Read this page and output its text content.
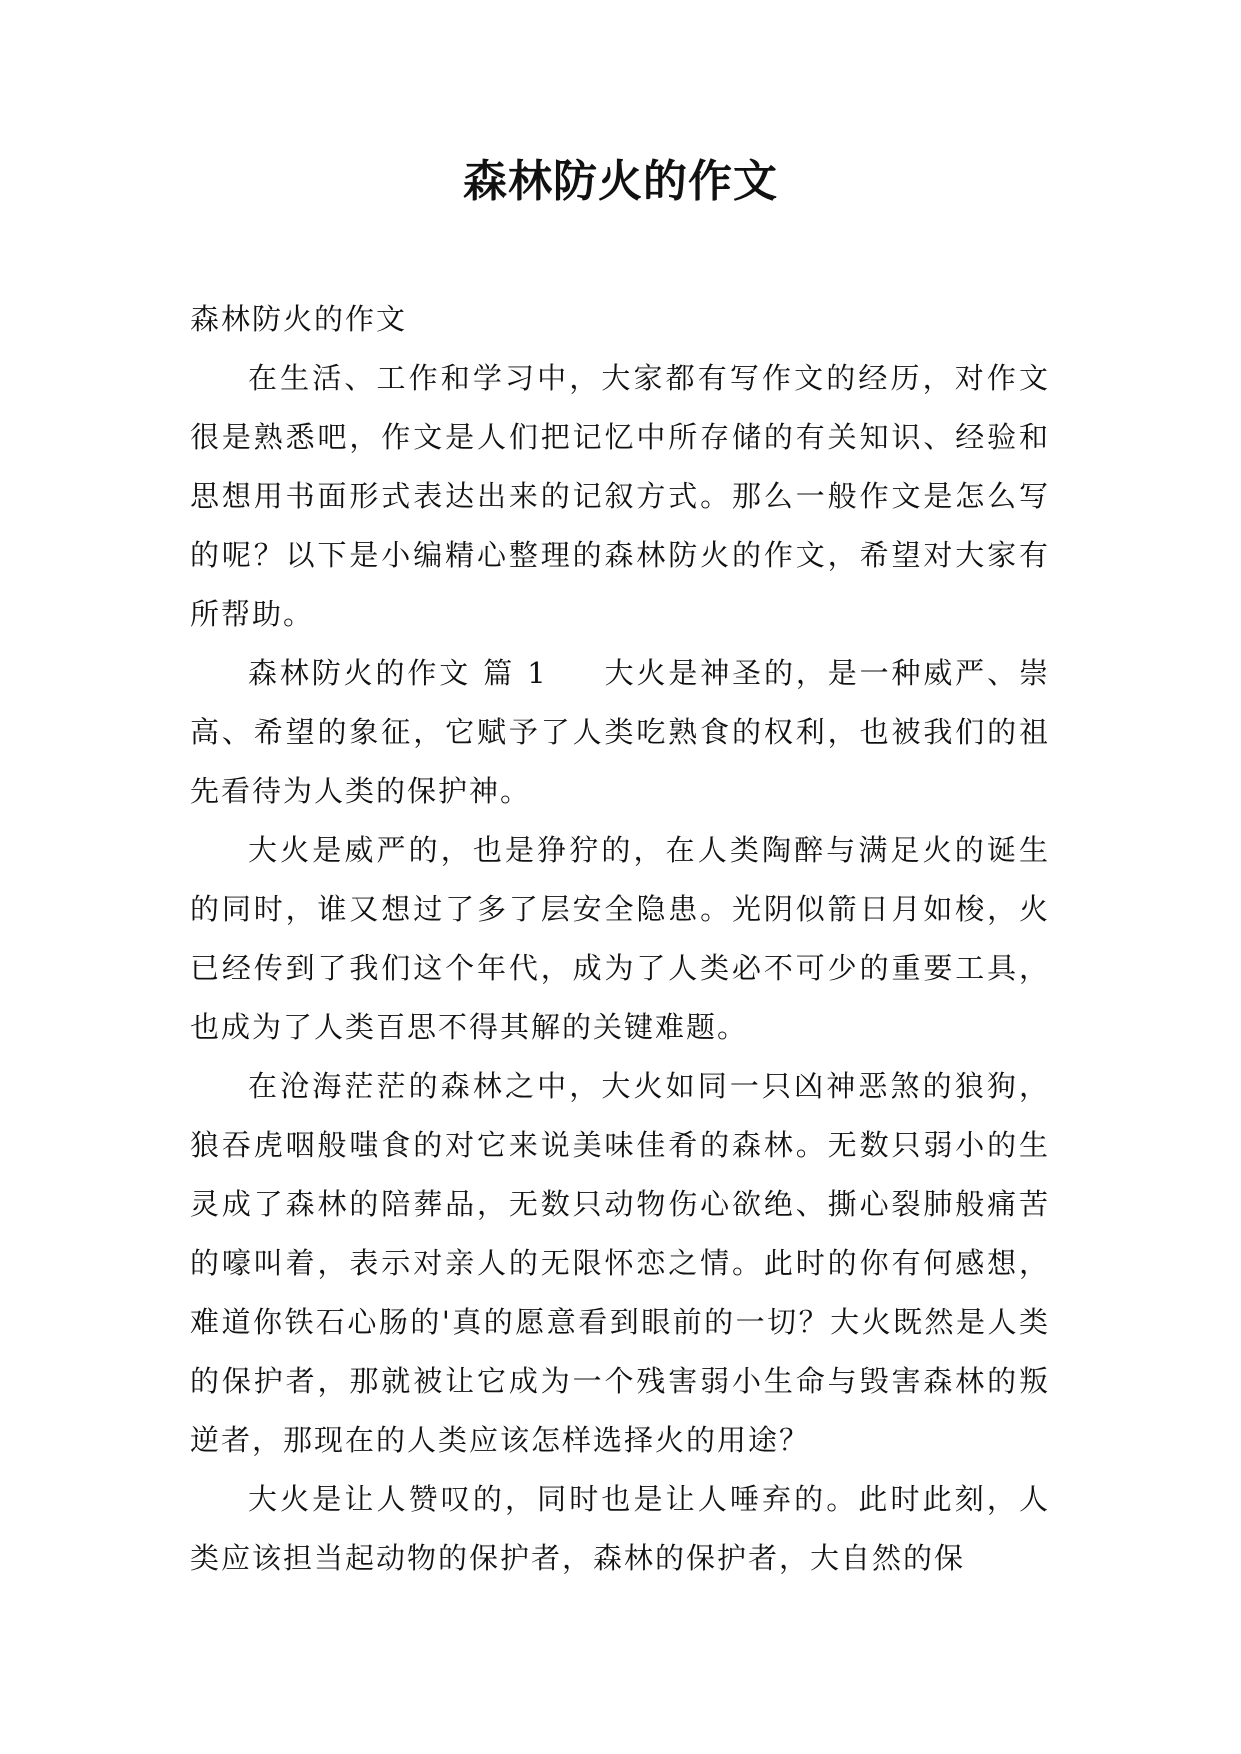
森林防火的作文

森林防火的作文

在生活、工作和学习中，大家都有写作文的经历，对作文很是熟悉吧，作文是人们把记忆中所存储的有关知识、经验和思想用书面形式表达出来的记叙方式。那么一般作文是怎么写的呢？以下是小编精心整理的森林防火的作文，希望对大家有所帮助。

森林防火的作文 篇 1 大火是神圣的，是一种威严、崇高、希望的象征，它赋予了人类吃熟食的权利，也被我们的祖先看待为人类的保护神。

大火是威严的，也是狰狞的，在人类陶醉与满足火的诞生的同时，谁又想过了多了层安全隐患。光阴似箭日月如梭，火已经传到了我们这个年代，成为了人类必不可少的重要工具，也成为了人类百思不得其解的关键难题。

在沧海茫茫的森林之中，大火如同一只凶神恶煞的狼狗，狼吞虎咽般嗤食的对它来说美味佳肴的森林。无数只弱小的生灵成了森林的陪葬品，无数只动物伤心欲绝、撕心裂肺般痛苦的嚎叫着，表示对亲人的无限怀恋之情。此时的你有何感想，难道你铁石心肠的'真的愿意看到眼前的一切？大火既然是人类的保护者，那就被让它成为一个残害弱小生命与毁害森林的叛逆者，那现在的人类应该怎样选择火的用途？

大火是让人赞叹的，同时也是让人唾弃的。此时此刻，人类应该担当起动物的保护者，森林的保护者，大自然的保
